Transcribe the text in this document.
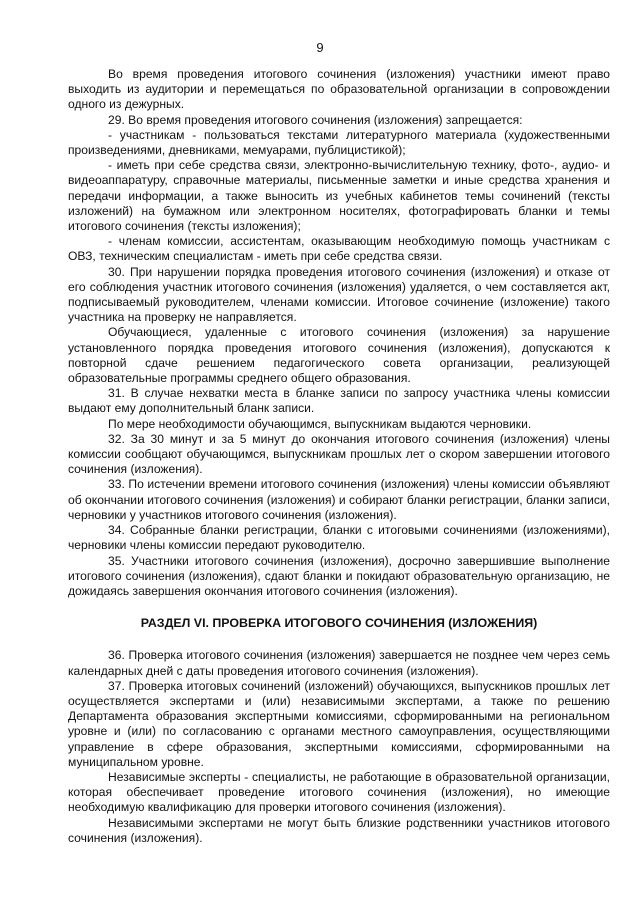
9

Во время проведения итогового сочинения (изложения) участники имеют право выходить из аудитории и перемещаться по образовательной организации в сопровождении одного из дежурных.

29. Во время проведения итогового сочинения (изложения) запрещается:

- участникам - пользоваться текстами литературного материала (художественными произведениями, дневниками, мемуарами, публицистикой);

- иметь при себе средства связи, электронно-вычислительную технику, фото-, аудио- и видеоаппаратуру, справочные материалы, письменные заметки и иные средства хранения и передачи информации, а также выносить из учебных кабинетов темы сочинений (тексты изложений) на бумажном или электронном носителях, фотографировать бланки и темы итогового сочинения (тексты изложения);

- членам комиссии, ассистентам, оказывающим необходимую помощь участникам с ОВЗ, техническим специалистам - иметь при себе средства связи.

30. При нарушении порядка проведения итогового сочинения (изложения) и отказе от его соблюдения участник итогового сочинения (изложения) удаляется, о чем составляется акт, подписываемый руководителем, членами комиссии. Итоговое сочинение (изложение) такого участника на проверку не направляется.

Обучающиеся, удаленные с итогового сочинения (изложения) за нарушение установленного порядка проведения итогового сочинения (изложения), допускаются к повторной сдаче решением педагогического совета организации, реализующей образовательные программы среднего общего образования.

31. В случае нехватки места в бланке записи по запросу участника члены комиссии выдают ему дополнительный бланк записи.

По мере необходимости обучающимся, выпускникам выдаются черновики.

32. За 30 минут и за 5 минут до окончания итогового сочинения (изложения) члены комиссии сообщают обучающимся, выпускникам прошлых лет о скором завершении итогового сочинения (изложения).

33. По истечении времени итогового сочинения (изложения) члены комиссии объявляют об окончании итогового сочинения (изложения) и собирают бланки регистрации, бланки записи, черновики у участников итогового сочинения (изложения).

34. Собранные бланки регистрации, бланки с итоговыми сочинениями (изложениями), черновики члены комиссии передают руководителю.

35. Участники итогового сочинения (изложения), досрочно завершившие выполнение итогового сочинения (изложения), сдают бланки и покидают образовательную организацию, не дожидаясь завершения окончания итогового сочинения (изложения).

РАЗДЕЛ VI. ПРОВЕРКА ИТОГОВОГО СОЧИНЕНИЯ (ИЗЛОЖЕНИЯ)

36. Проверка итогового сочинения (изложения) завершается не позднее чем через семь календарных дней с даты проведения итогового сочинения (изложения).

37. Проверка итоговых сочинений (изложений) обучающихся, выпускников прошлых лет осуществляется экспертами и (или) независимыми экспертами, а также по решению Департамента образования экспертными комиссиями, сформированными на региональном уровне и (или) по согласованию с органами местного самоуправления, осуществляющими управление в сфере образования, экспертными комиссиями, сформированными на муниципальном уровне.

Независимые эксперты - специалисты, не работающие в образовательной организации, которая обеспечивает проведение итогового сочинения (изложения), но имеющие необходимую квалификацию для проверки итогового сочинения (изложения).

Независимыми экспертами не могут быть близкие родственники участников итогового сочинения (изложения).
